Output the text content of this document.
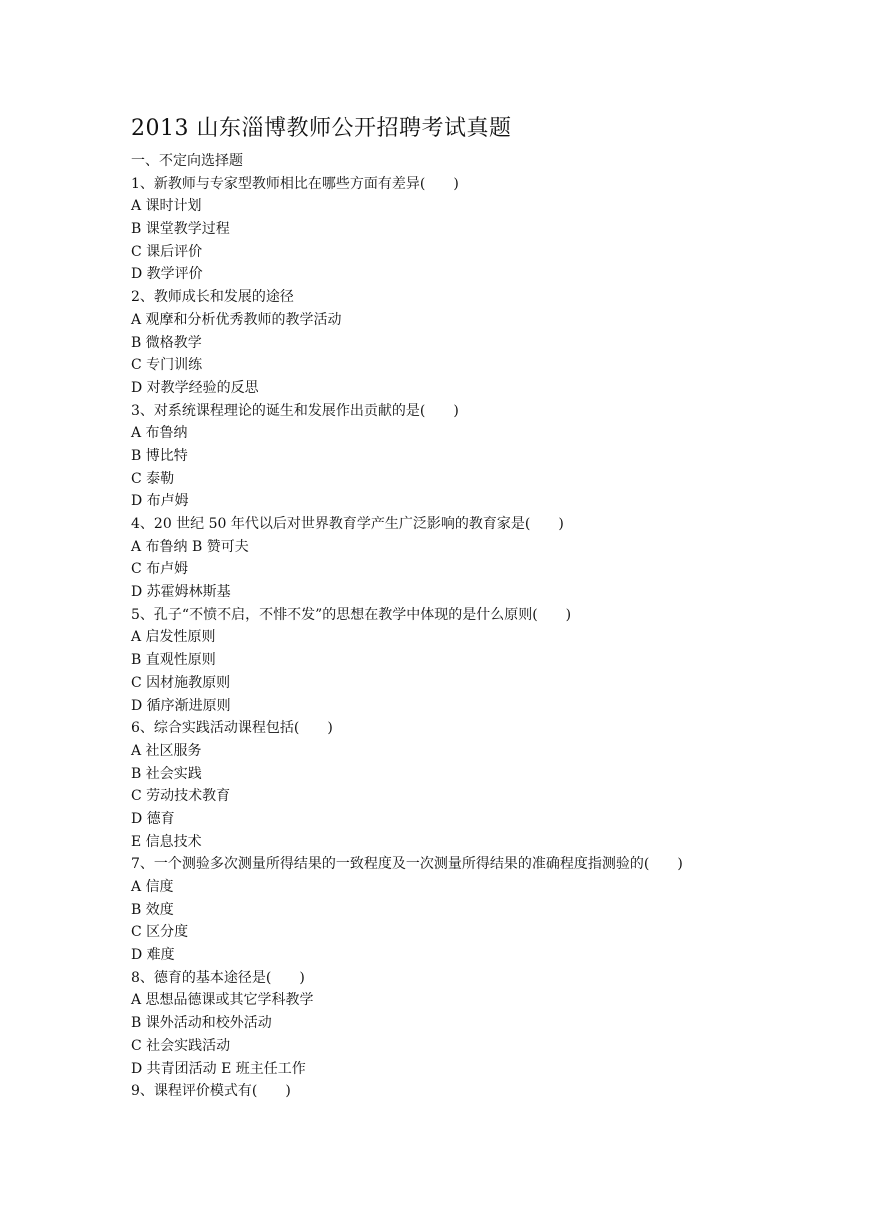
2013 山东淄博教师公开招聘考试真题
一、不定向选择题
1、新教师与专家型教师相比在哪些方面有差异(　　)
A 课时计划
B 课堂教学过程
C 课后评价
D 教学评价
2、教师成长和发展的途径
A 观摩和分析优秀教师的教学活动
B 微格教学
C 专门训练
D 对教学经验的反思
3、对系统课程理论的诞生和发展作出贡献的是(　　)
A 布鲁纳
B 博比特
C 泰勒
D 布卢姆
4、20 世纪 50 年代以后对世界教育学产生广泛影响的教育家是(　　)
A 布鲁纳 B 赞可夫
C 布卢姆
D 苏霍姆林斯基
5、孔子“不愤不启，不悱不发”的思想在教学中体现的是什么原则(　　)
A 启发性原则
B 直观性原则
C 因材施教原则
D 循序渐进原则
6、综合实践活动课程包括(　　)
A 社区服务
B 社会实践
C 劳动技术教育
D 德育
E 信息技术
7、一个测验多次测量所得结果的一致程度及一次测量所得结果的准确程度指测验的(　　)
A 信度
B 效度
C 区分度
D 难度
8、德育的基本途径是(　　)
A 思想品德课或其它学科教学
B 课外活动和校外活动
C 社会实践活动
D 共青团活动 E 班主任工作
9、课程评价模式有(　　)
